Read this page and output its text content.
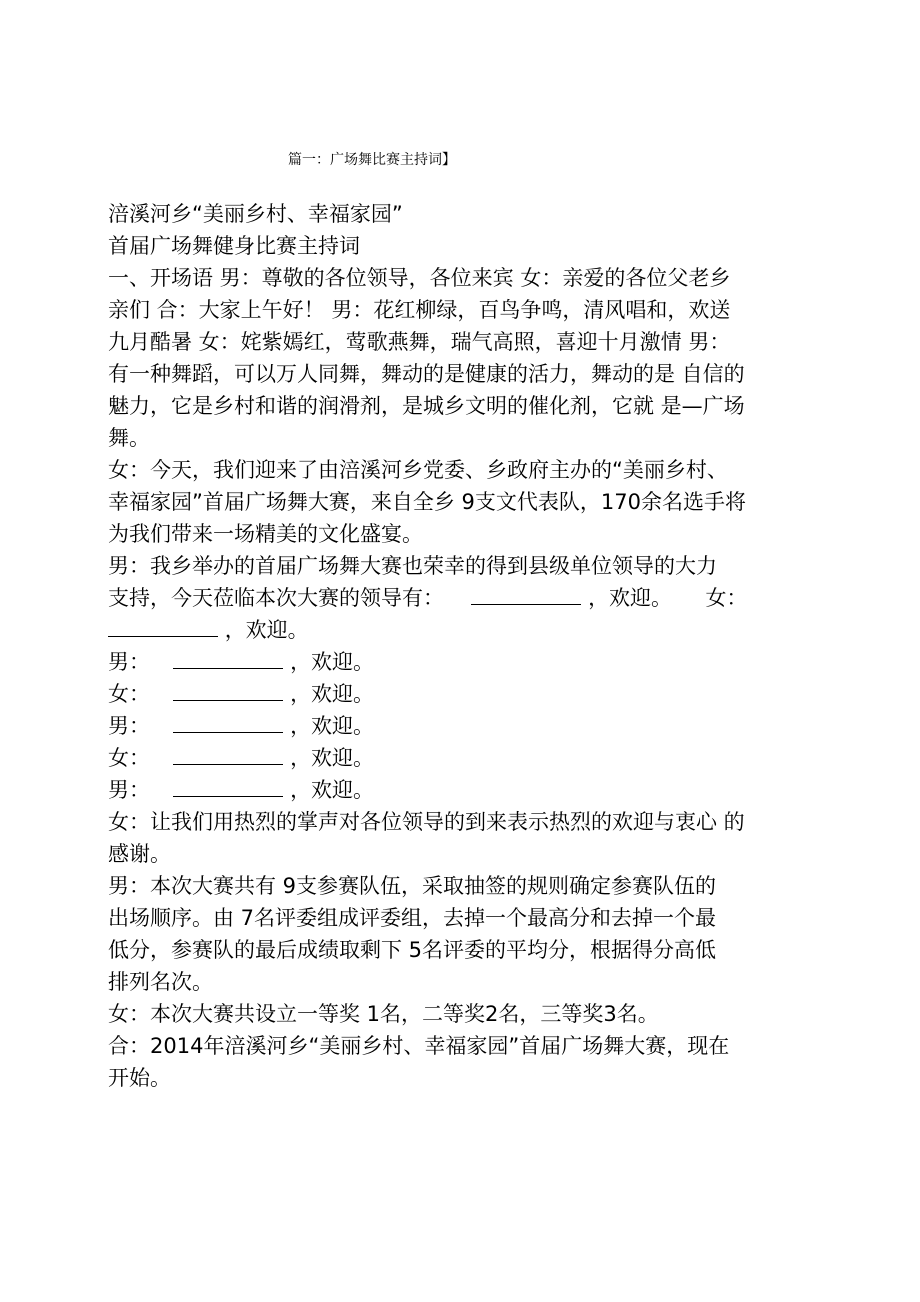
篇一：广场舞比赛主持词】
涪溪河乡“美丽乡村、幸福家园”
首届广场舞健身比赛主持词
一、开场语 男：尊敬的各位领导，各位来宾 女：亲爱的各位父老乡
亲们 合：大家上午好！ 男：花红柳绿，百鸟争鸣，清风唱和，欢送
九月酷暑 女：姹紫嫣红，莺歌燕舞，瑞气高照，喜迎十月激情 男：
有一种舞蹈，可以万人同舞，舞动的是健康的活力，舞动的是 自信的
魅力，它是乡村和谐的润滑剂，是城乡文明的催化剂，它就 是—广场
舞。
女：今天，我们迎来了由涪溪河乡党委、乡政府主办的“美丽乡村、
幸福家园”首届广场舞大赛，来自全乡 9支文代表队，170余名选手将
为我们带来一场精美的文化盛宴。
男：我乡举办的首届广场舞大赛也荣幸的得到县级单位领导的大力
支持，今天莅临本次大赛的领导有：	，欢迎。 女：
，欢迎。
男：	，欢迎。
女：	，欢迎。
男：	，欢迎。
女：	，欢迎。
男：	，欢迎。
女：让我们用热烈的掌声对各位领导的到来表示热烈的欢迎与衷心 的
感谢。
男：本次大赛共有 9支参赛队伍，采取抽签的规则确定参赛队伍的
出场顺序。由 7名评委组成评委组，去掉一个最高分和去掉一个最
低分，参赛队的最后成绩取剩下 5名评委的平均分，根据得分高低
排列名次。
女：本次大赛共设立一等奖 1名，二等奖2名，三等奖3名。
合：2014年涪溪河乡“美丽乡村、幸福家园”首届广场舞大赛，现在
开始。
